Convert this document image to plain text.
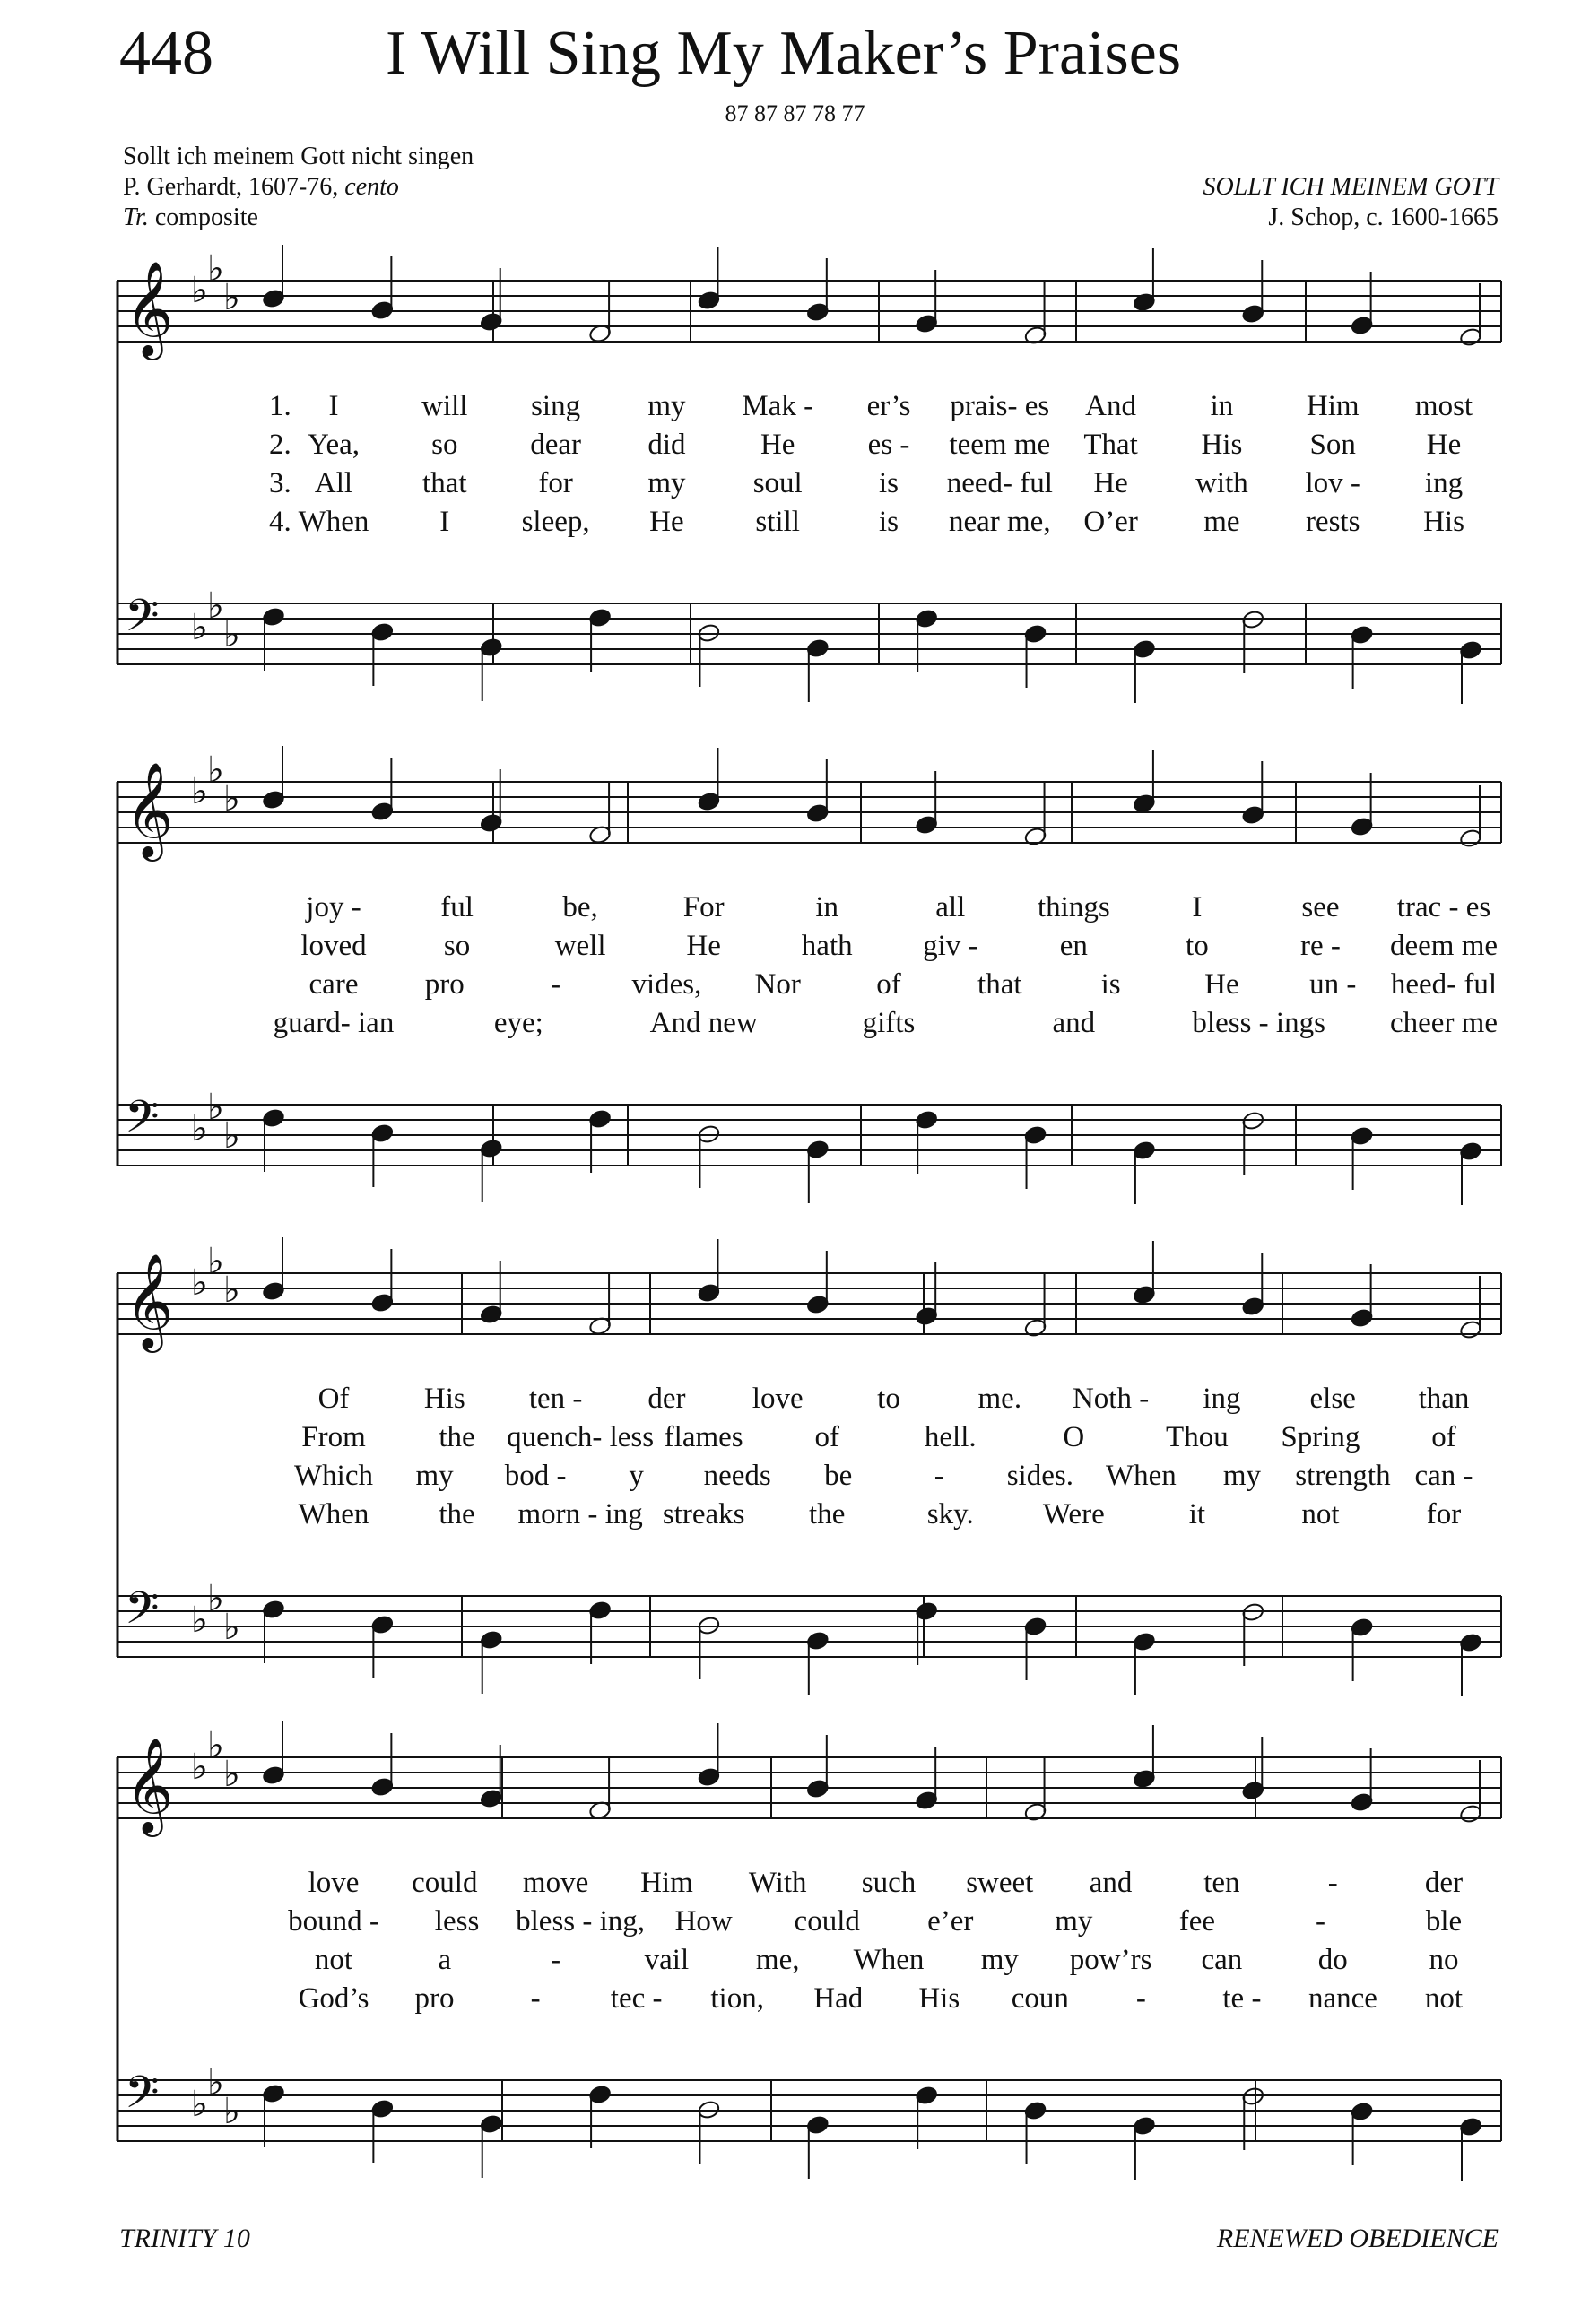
448	I Will Sing My Maker’s Praises
87 87 87 78 77
Sollt ich meinem Gott nicht singen
P. Gerhardt, 1607-76, cento
Tr. composite
SOLLT ICH MEINEM GOTT
J. Schop, c. 1600-1665
𝄞
𝄢
♭
♭
♭
♭
♭
♭
1. I	will sing my Mak - er’s prais- es And	in Him most
2. Yea, so dear did	He es - teem me That His Son He
3. All that for	my soul	is need- ful He with lov - ing
4. When I sleep, He still	is near me, O’er me rests His
𝄞
𝄢
♭
♭
♭
♭
♭
♭
joy -	ful	be,	For	in	all things	I	see trac - es
loved	so	well	He	hath giv -	en	to	re - deem me
care pro	- vides, Nor	of	that	is	He un - heed- ful
guard- ian	eye;	And new	gifts	and	bless - ings cheer me
𝄞
𝄢
♭
♭
♭
♭
♭
♭
Of	His ten - der love	to	me. Noth - ing else than
From the quench- less flames of	hell.	O	Thou Spring of
Which my bod - y needs be	- sides. When my strength can -
When the morn - ing streaks the	sky. Were	it	not	for
𝄞
𝄢
♭
♭
♭
♭
♭
♭
love could move Him With such sweet and ten	-	der
bound - less bless - ing, How could e’er	my	fee	-	ble
not	a	-	vail me, When my pow’rs can	do	no
God’s pro	- tec - tion, Had His coun -	te - nance not
TRINITY 10	RENEWED OBEDIENCE
